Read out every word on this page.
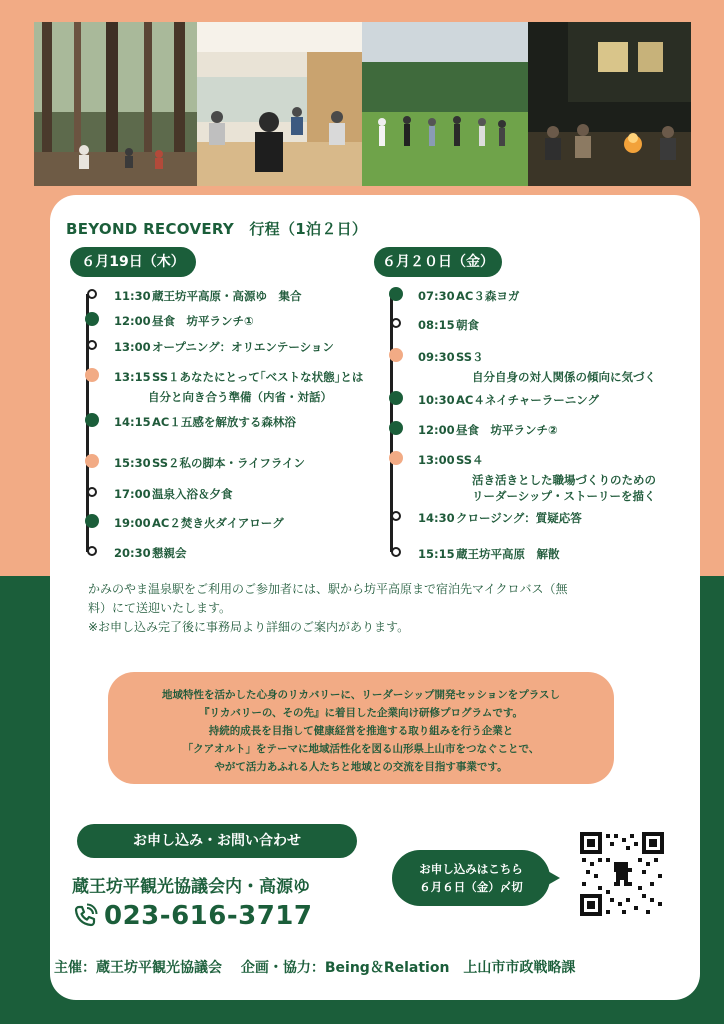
BEYOND RECOVERY　行程（1泊２日）
６月19日（木）	６月２０日（金）
11:30蔵王坊平高原・高源ゆ　集合
12:00昼食　坊平ランチ①
13:00オープニング：オリエンテーション
13:15SS１あなたにとって｢ベストな状態｣とは
自分と向き合う準備（内省・対話）
14:15AC１五感を解放する森林浴
15:30SS２私の脚本・ライフライン
17:00温泉入浴＆夕食
19:00AC２焚き火ダイアローグ
20:30懇親会
07:30AC３森ヨガ
08:15朝食
09:30SS３
自分自身の対人関係の傾向に気づく
10:30AC４ネイチャーラーニング
12:00昼食　坊平ランチ②
13:00SS４
活き活きとした職場づくりのための
リーダーシップ・ストーリーを描く
14:30クロージング：質疑応答
15:15蔵王坊平高原　解散
かみのやま温泉駅をご利用のご参加者には、駅から坊平高原まで宿泊先マイクロバス（無
料）にて送迎いたします。
※お申し込み完了後に事務局より詳細のご案内があります。
地域特性を活かした心身のリカバリーに、リーダーシップ開発セッションをプラスし
『リカバリーの、その先』に着目した企業向け研修プログラムです。
持続的成長を目指して健康経営を推進する取り組みを行う企業と
「クアオルト」をテーマに地域活性化を図る山形県上山市をつなぐことで、
やがて活力あふれる人たちと地域との交流を目指す事業です。
お申し込み・お問い合わせ
蔵王坊平観光協議会内・高源ゆ
023-616-3717
お申し込みはこちら
６月６日（金）〆切
主催：蔵王坊平観光協議会　 企画・協力：Being＆Relation　上山市市政戦略課
